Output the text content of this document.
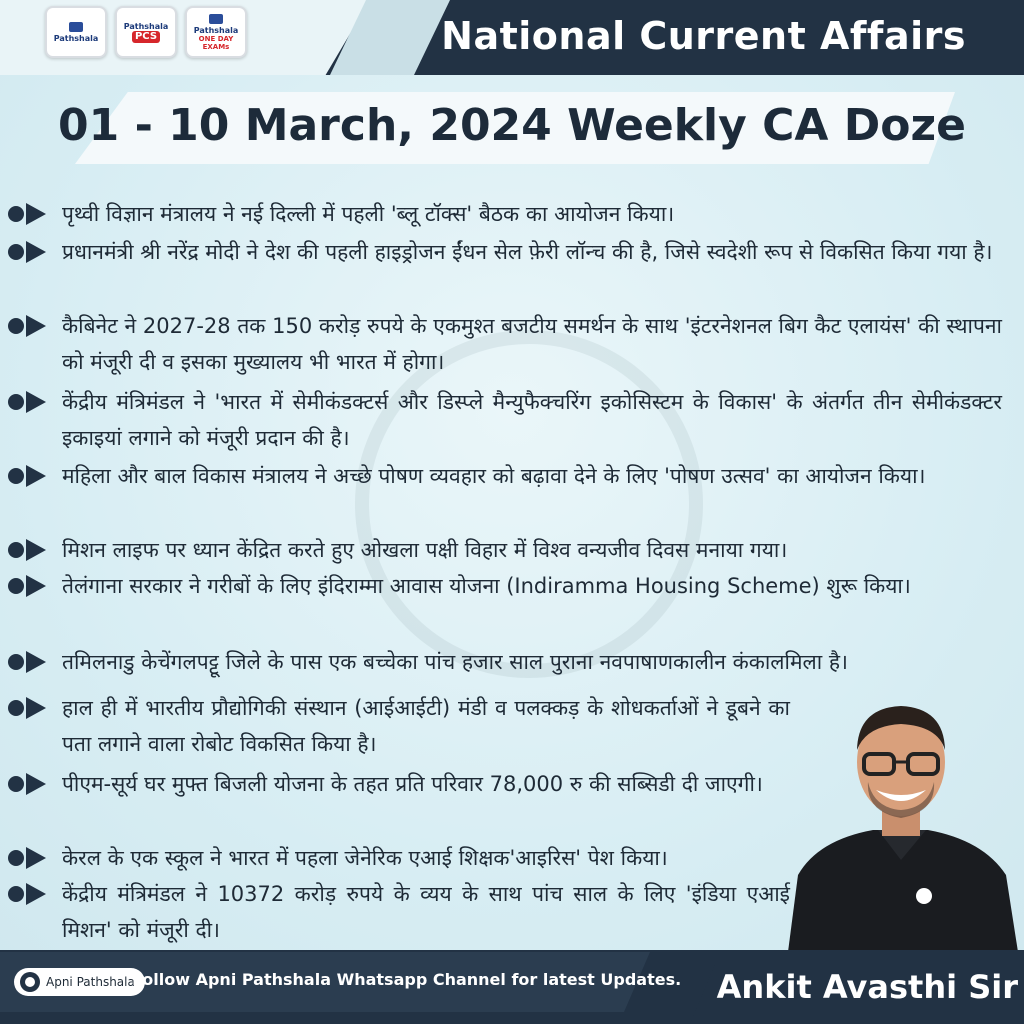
Pathshala
Pathshala
PCS
Pathshala
ONE DAY EXAMs	National Current Affairs
01 - 10 March, 2024 Weekly CA Doze
पृथ्वी विज्ञान मंत्रालय ने नई दिल्ली में पहली 'ब्लू टॉक्स' बैठक का आयोजन किया।
प्रधानमंत्री श्री नरेंद्र मोदी ने देश की पहली हाइड्रोजन ईंधन सेल फ़ेरी लॉन्च की है, जिसे स्वदेशी रूप से विकसित किया गया है।
कैबिनेट ने 2027-28 तक 150 करोड़ रुपये के एकमुश्त बजटीय समर्थन के साथ 'इंटरनेशनल बिग कैट एलायंस' की स्थापना को मंजूरी दी व इसका मुख्यालय भी भारत में होगा।
केंद्रीय मंत्रिमंडल ने 'भारत में सेमीकंडक्टर्स और डिस्प्ले मैन्युफैक्चरिंग इकोसिस्टम के विकास' के अंतर्गत तीन सेमीकंडक्टर इकाइयां लगाने को मंजूरी प्रदान की है।
महिला और बाल विकास मंत्रालय ने अच्छे पोषण व्यवहार को बढ़ावा देने के लिए 'पोषण उत्सव' का आयोजन किया।
मिशन लाइफ पर ध्यान केंद्रित करते हुए ओखला पक्षी विहार में विश्व वन्यजीव दिवस मनाया गया।
तेलंगाना सरकार ने गरीबों के लिए इंदिराम्मा आवास योजना (Indiramma Housing Scheme) शुरू किया।
तमिलनाडु केचेंगलपट्टू जिले के पास एक बच्चेका पांच हजार साल पुराना नवपाषाणकालीन कंकालमिला है।
हाल ही में भारतीय प्रौद्योगिकी संस्थान (आईआईटी) मंडी व पलक्कड़ के शोधकर्ताओं ने डूबने का पता लगाने वाला रोबोट विकसित किया है।
पीएम-सूर्य घर मुफ्त बिजली योजना के तहत प्रति परिवार 78,000 रु की सब्सिडी दी जाएगी।
केरल के एक स्कूल ने भारत में पहला जेनेरिक एआई शिक्षक'आइरिस' पेश किया।
केंद्रीय मंत्रिमंडल ने 10372 करोड़ रुपये के व्यय के साथ पांच साल के लिए 'इंडिया एआई मिशन' को मंजूरी दी।
Apni Pathshala
Follow Apni Pathshala Whatsapp Channel for latest Updates. Ankit Avasthi Sir
